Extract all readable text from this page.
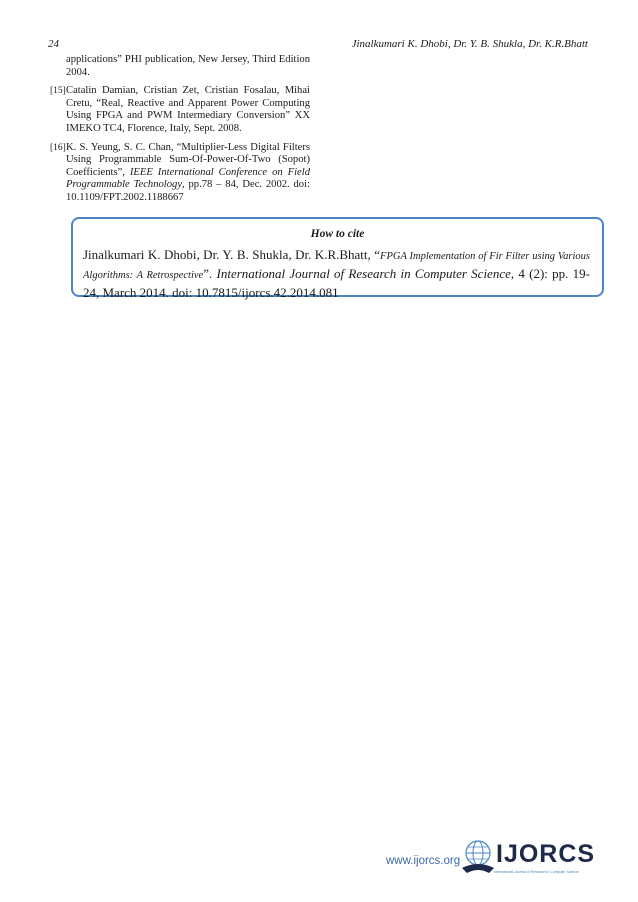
24	Jinalkumari K. Dhobi, Dr. Y. B. Shukla, Dr. K.R.Bhatt
applications” PHI publication, New Jersey, Third Edition 2004.
[15] Catalin Damian, Cristian Zet, Cristian Fosalau, Mihai Cretu, “Real, Reactive and Apparent Power Computing Using FPGA and PWM Intermediary Conversion” XX IMEKO TC4, Florence, Italy, Sept. 2008.
[16] K. S. Yeung, S. C. Chan, “Multiplier-Less Digital Filters Using Programmable Sum-Of-Power-Of-Two (Sopot) Coefficients”, IEEE International Conference on Field Programmable Technology, pp.78 – 84, Dec. 2002. doi: 10.1109/FPT.2002.1188667
How to cite
Jinalkumari K. Dhobi, Dr. Y. B. Shukla, Dr. K.R.Bhatt, “FPGA Implementation of Fir Filter using Various Algorithms: A Retrospective”. International Journal of Research in Computer Science, 4 (2): pp. 19-24, March 2014. doi: 10.7815/ijorcs.42.2014.081
www.ijorcs.org IJORCS
International Journal of Research in Computer Science
